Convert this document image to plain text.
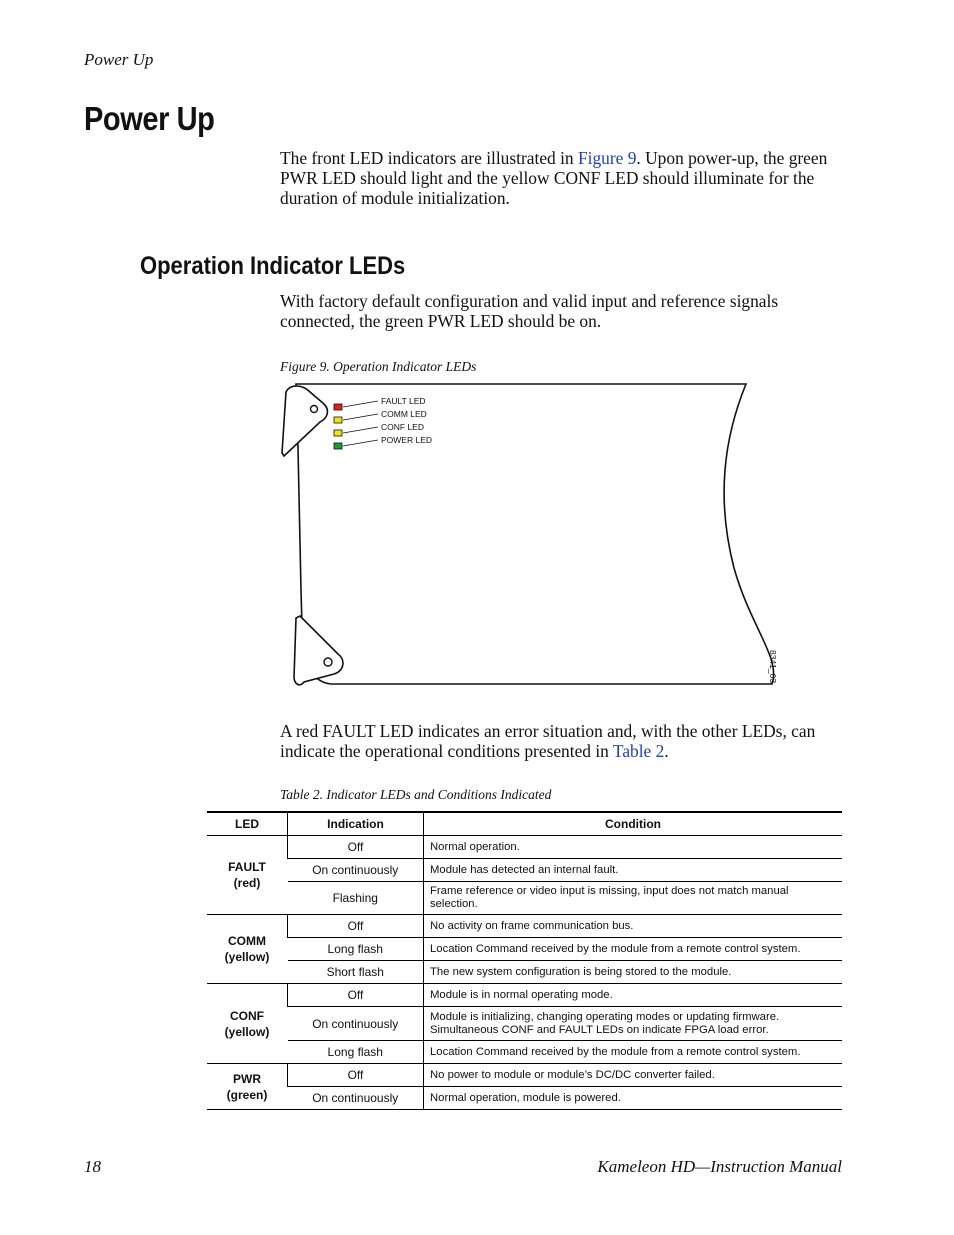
Power Up
Power Up

The front LED indicators are illustrated in Figure 9. Upon power-up, the green PWR LED should light and the yellow CONF LED should illuminate for the duration of module initialization.

Operation Indicator LEDs

With factory default configuration and valid input and reference signals connected, the green PWR LED should be on.

Figure 9. Operation Indicator LEDs
FAULT LED
COMM LED
CONF LED
POWER LED
8341_03

A red FAULT LED indicates an error situation and, with the other LEDs, can indicate the operational conditions presented in Table 2.

Table 2. Indicator LEDs and Conditions Indicated
LED	Indication	Condition

FAULT
(red)	Off	Normal operation.
	On continuously	Module has detected an internal fault.
	Flashing	Frame reference or video input is missing, input does not match manual selection.

COMM
(yellow)	Off	No activity on frame communication bus.
	Long flash	Location Command received by the module from a remote control system.
	Short flash	The new system configuration is being stored to the module.

CONF
(yellow)	Off	Module is in normal operating mode.
	On continuously	Module is initializing, changing operating modes or updating firmware. Simultaneous CONF and FAULT LEDs on indicate FPGA load error.
	Long flash	Location Command received by the module from a remote control system.

PWR
(green)	Off	No power to module or module’s DC/DC converter failed.
	On continuously	Normal operation, module is powered.
18	Kameleon HD—Instruction Manual
